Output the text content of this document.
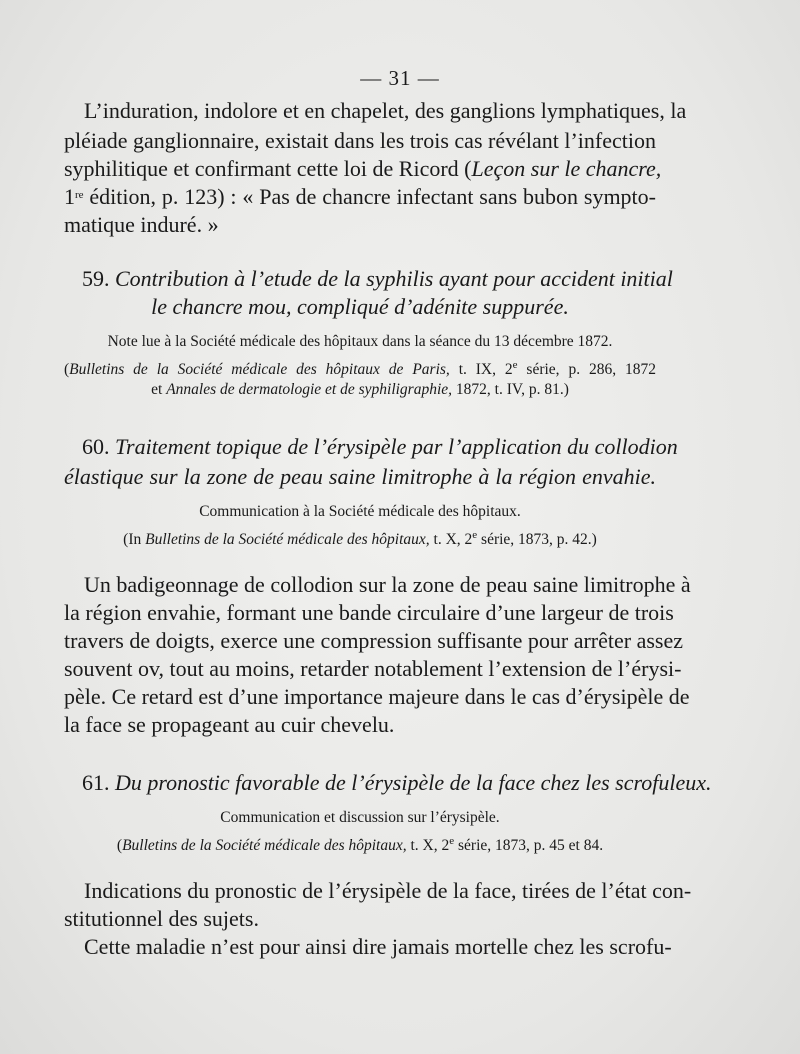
— 31 —
L’induration, indolore et en chapelet, des ganglions lymphatiques, la
pléiade ganglionnaire, existait dans les trois cas révélant l’infection
syphilitique et confirmant cette loi de Ricord (Leçon sur le chancre,
1re édition, p. 123) : « Pas de chancre infectant sans bubon sympto-
matique induré. »
59. Contribution à l’etude de la syphilis ayant pour accident initial
le chancre mou, compliqué d’adénite suppurée.
Note lue à la Société médicale des hôpitaux dans la séance du 13 décembre 1872.
(Bulletins de la Société médicale des hôpitaux de Paris, t. IX, 2e série, p. 286, 1872
et Annales de dermatologie et de syphiligraphie, 1872, t. IV, p. 81.)
60. Traitement topique de l’érysipèle par l’application du collodion
élastique sur la zone de peau saine limitrophe à la région envahie.
Communication à la Société médicale des hôpitaux.
(In Bulletins de la Société médicale des hôpitaux, t. X, 2e série, 1873, p. 42.)
Un badigeonnage de collodion sur la zone de peau saine limitrophe à
la région envahie, formant une bande circulaire d’une largeur de trois
travers de doigts, exerce une compression suffisante pour arrêter assez
souvent ov, tout au moins, retarder notablement l’extension de l’érysi-
pèle. Ce retard est d’une importance majeure dans le cas d’érysipèle de
la face se propageant au cuir chevelu.
61. Du pronostic favorable de l’érysipèle de la face chez les scrofuleux.
Communication et discussion sur l’érysipèle.
(Bulletins de la Société médicale des hôpitaux, t. X, 2e série, 1873, p. 45 et 84.
Indications du pronostic de l’érysipèle de la face, tirées de l’état con-
stitutionnel des sujets.
Cette maladie n’est pour ainsi dire jamais mortelle chez les scrofu-
